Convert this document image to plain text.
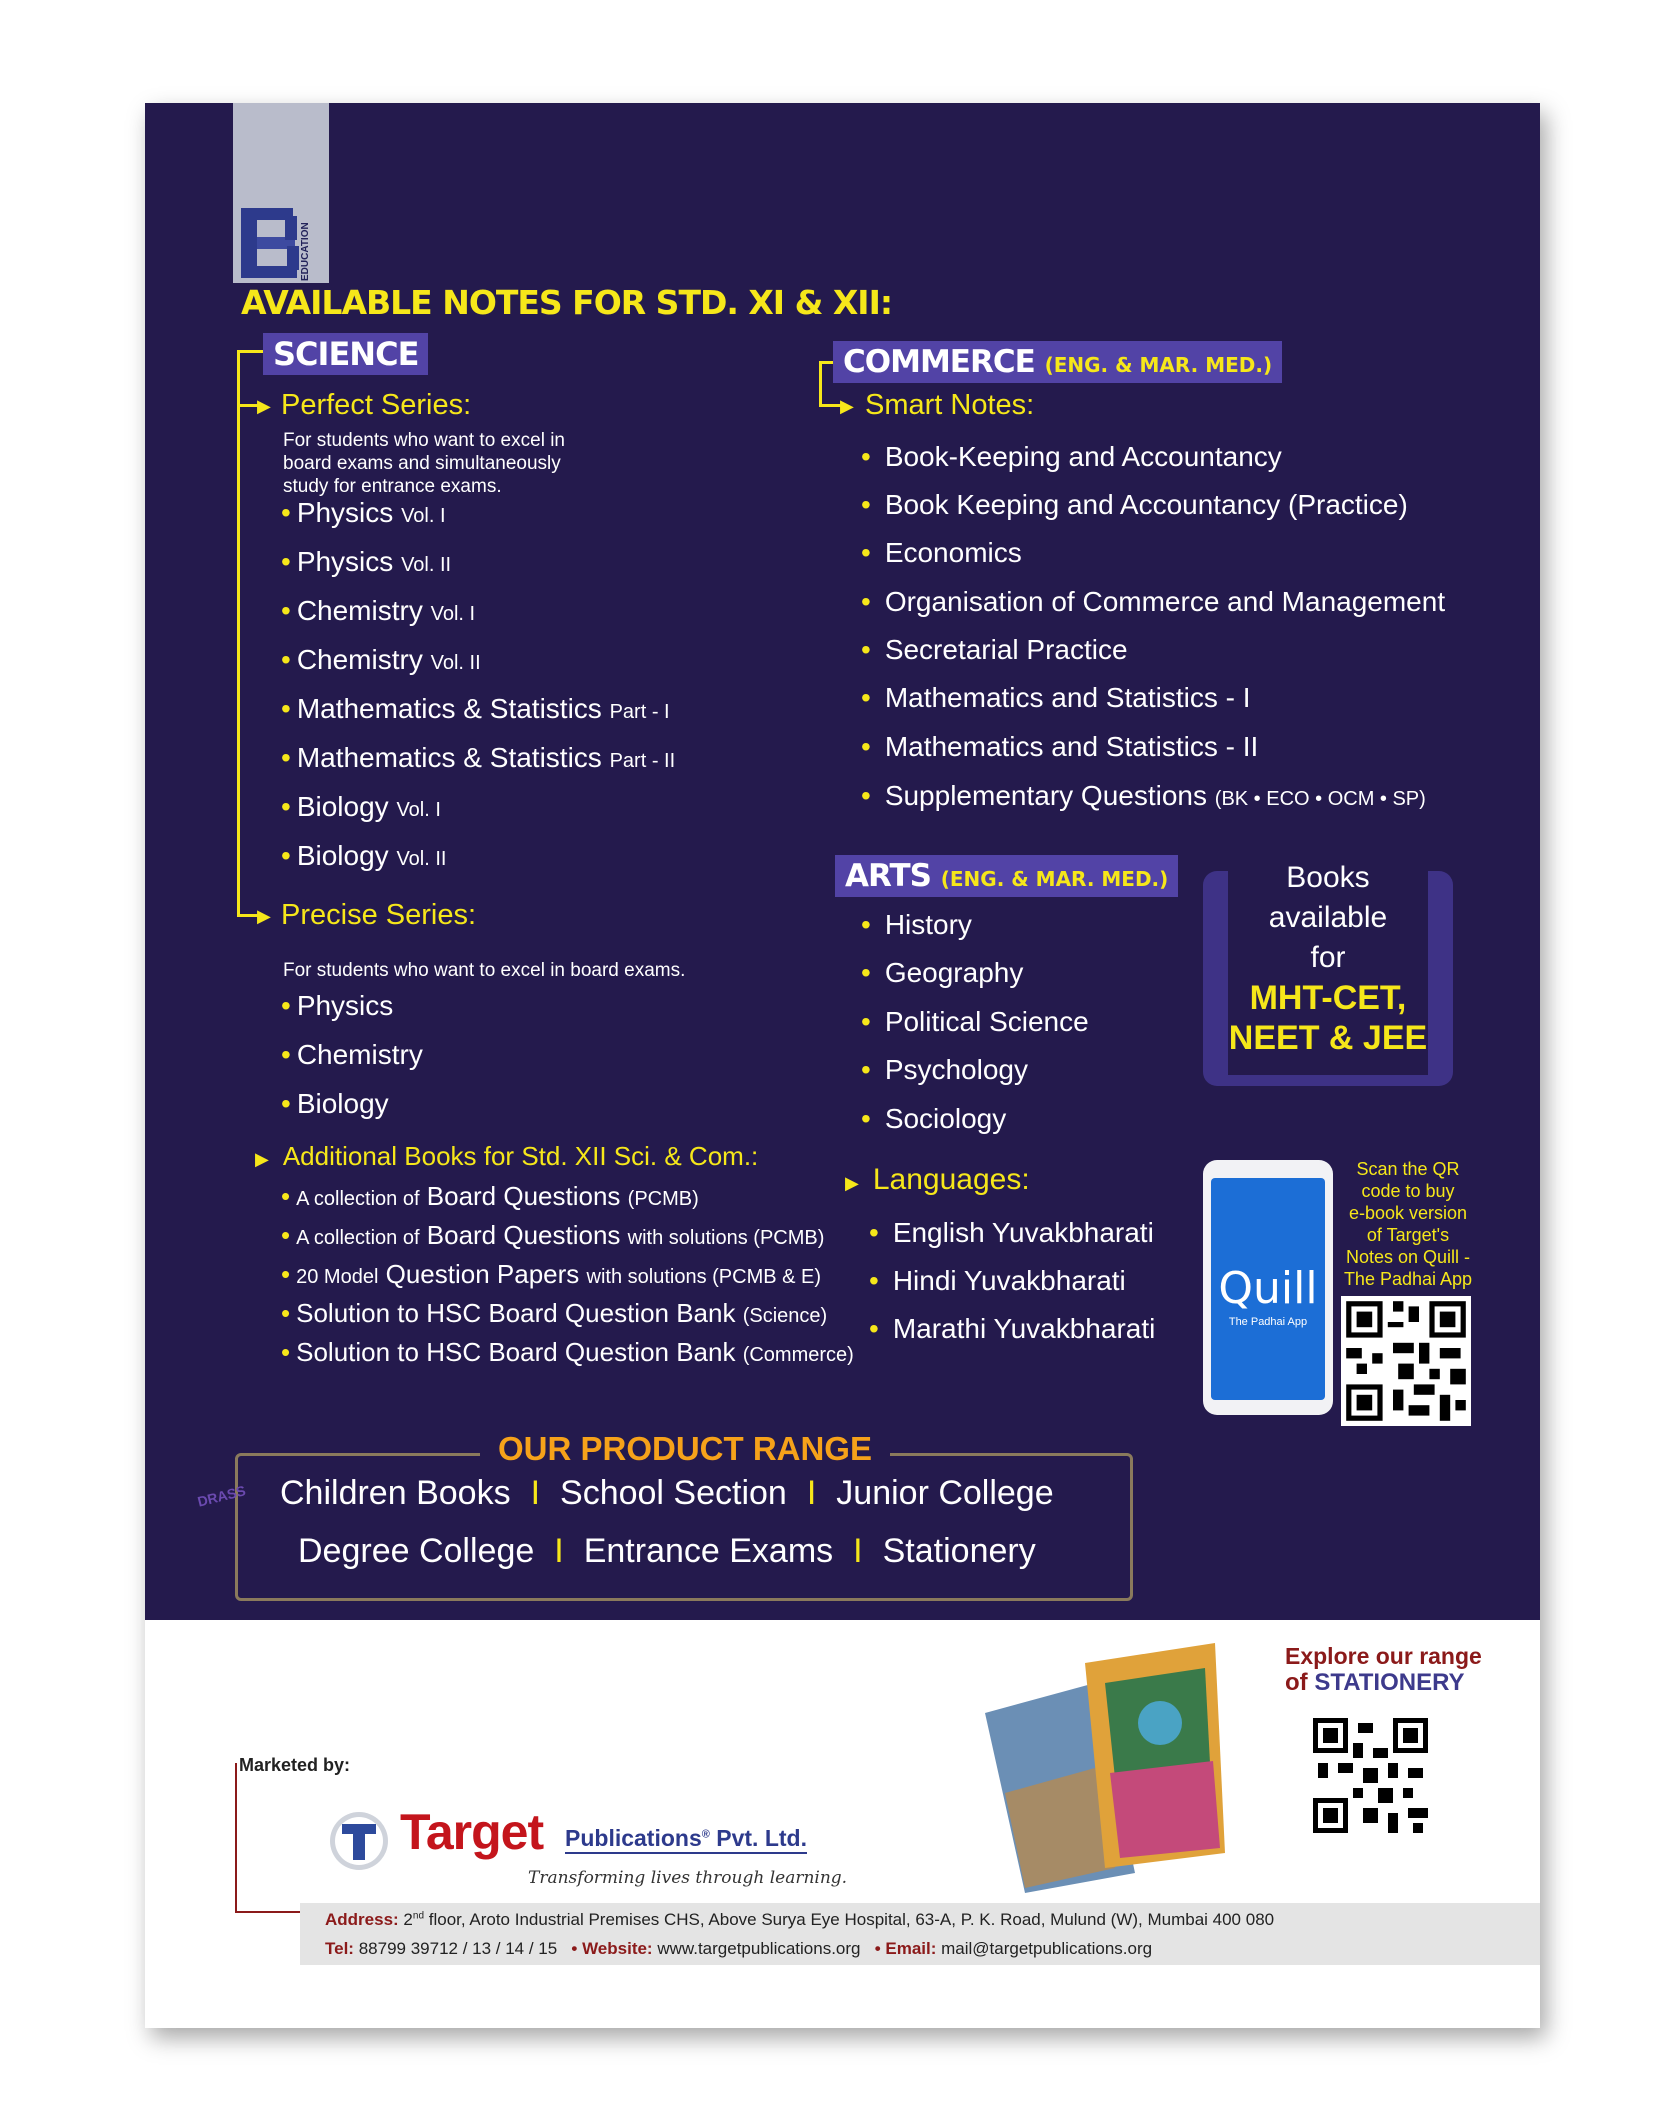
EDUCATION
AVAILABLE NOTES FOR STD. XI & XII:
▶
▶
SCIENCE
Perfect Series:
For students who want to excel in
board exams and simultaneously
study for entrance exams.
• Physics Vol. I
• Physics Vol. II
• Chemistry Vol. I
• Chemistry Vol. II
• Mathematics & Statistics Part - I
• Mathematics & Statistics Part - II
• Biology Vol. I
• Biology Vol. II
Precise Series:
For students who want to excel in board exams.
• Physics
• Chemistry
• Biology
▶ Additional Books for Std. XII Sci. & Com.:
• A collection of Board Questions (PCMB)
• A collection of Board Questions with solutions (PCMB)
• 20 Model Question Papers with solutions (PCMB & E)
• Solution to HSC Board Question Bank (Science)
• Solution to HSC Board Question Bank (Commerce)
▶
COMMERCE (ENG. & MAR. MED.)
Smart Notes:
• Book-Keeping and Accountancy
• Book Keeping and Accountancy (Practice)
• Economics
• Organisation of Commerce and Management
• Secretarial Practice
• Mathematics and Statistics - I
• Mathematics and Statistics - II
• Supplementary Questions (BK • ECO • OCM • SP)
ARTS (ENG. & MAR. MED.)
• History
• Geography
• Political Science
• Psychology
• Sociology
▶ Languages:
• English Yuvakbharati
• Hindi Yuvakbharati
• Marathi Yuvakbharati
Books
available
for
MHT-CET,
NEET & JEE
Quill
The Padhai App
Scan the QR
code to buy
e-book version
of Target's
Notes on Quill -
The Padhai App
OUR PRODUCT RANGE
Children Books I School Section I Junior College
Degree College I Entrance Exams I Stationery
DRASS
Explore our range
of STATIONERY
Marketed by:
Target Publications® Pvt. Ltd.
Transforming lives through learning.
Address: 2nd floor, Aroto Industrial Premises CHS, Above Surya Eye Hospital, 63-A, P. K. Road, Mulund (W), Mumbai 400 080
Tel: 88799 39712 / 13 / 14 / 15 • Website: www.targetpublications.org • Email: mail@targetpublications.org
